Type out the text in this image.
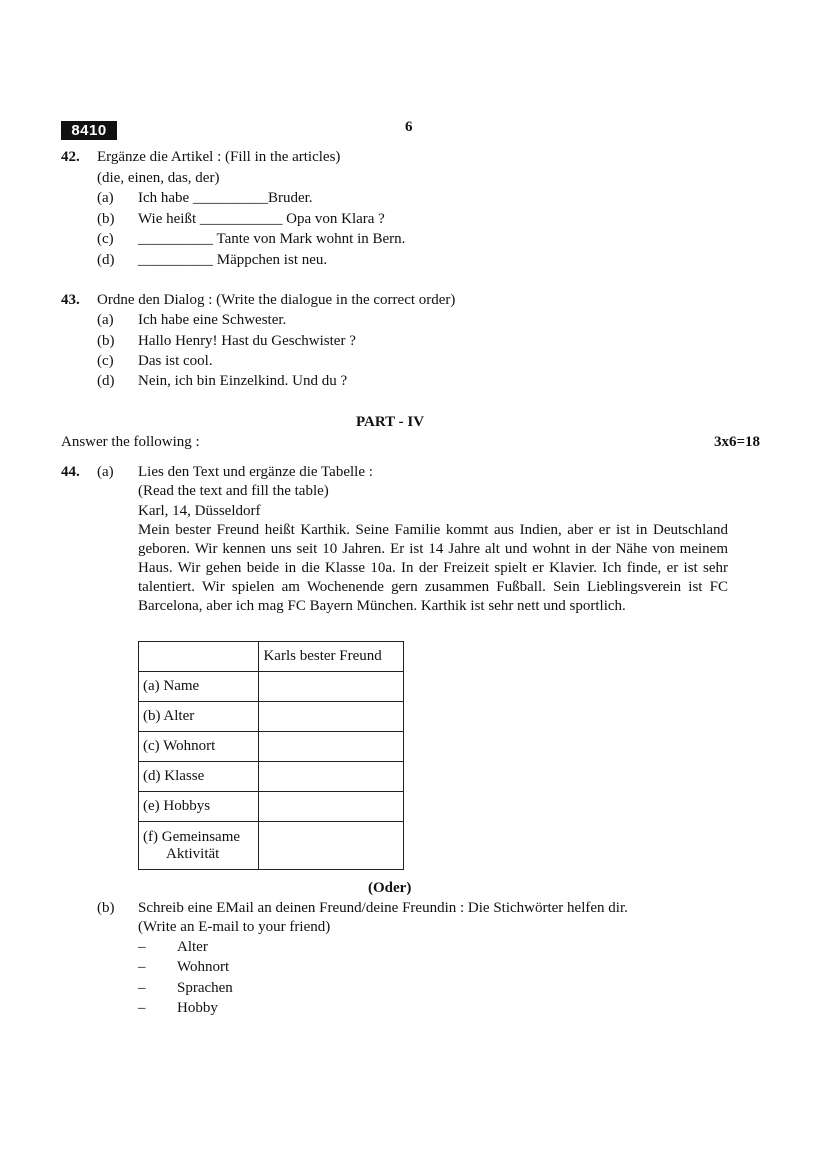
8410	6
42. Ergänze die Artikel : (Fill in the articles)
(die, einen, das, der)
(a) Ich habe __________Bruder.
(b) Wie heißt ___________ Opa von Klara ?
(c) __________ Tante von Mark wohnt in Bern.
(d) __________ Mäppchen ist neu.
43. Ordne den Dialog : (Write the dialogue in the correct order)
(a) Ich habe eine Schwester.
(b) Hallo Henry! Hast du Geschwister ?
(c) Das ist cool.
(d) Nein, ich bin Einzelkind. Und du ?
PART - IV
Answer the following :	3x6=18
44. (a) Lies den Text und ergänze die Tabelle :
(Read the text and fill the table)
Karl, 14, Düsseldorf
Mein bester Freund heißt Karthik. Seine Familie kommt aus Indien, aber er ist in Deutschland geboren. Wir kennen uns seit 10 Jahren. Er ist 14 Jahre alt und wohnt in der Nähe von meinem Haus. Wir gehen beide in die Klasse 10a. In der Freizeit spielt er Klavier. Ich finde, er ist sehr talentiert. Wir spielen am Wochenende gern zusammen Fußball. Sein Lieblingsverein ist FC Barcelona, aber ich mag FC Bayern München. Karthik ist sehr nett und sportlich.
	Karls bester Freund
(a) Name	
(b) Alter	
(c) Wohnort	
(d) Klasse	
(e) Hobbys	

(f) Gemeinsame
Aktivität	

(Oder)
(b) Schreib eine EMail an deinen Freund/deine Freundin : Die Stichwörter helfen dir.
(Write an E-mail to your friend)
– Alter
– Wohnort
– Sprachen
– Hobby
